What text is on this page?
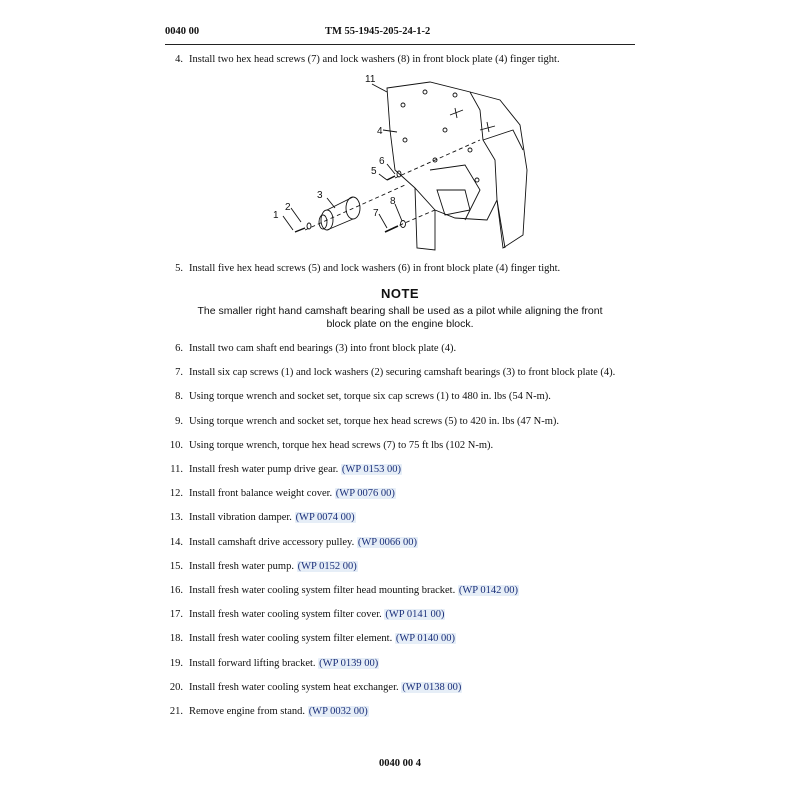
0040 00	TM 55-1945-205-24-1-2
4. Install two hex head screws (7) and lock washers (8) in front block plate (4) finger tight.
11
4
6
5
3
2
1
8
7
5. Install five hex head screws (5) and lock washers (6) in front block plate (4) finger tight.
NOTE
The smaller right hand camshaft bearing shall be used as a pilot while aligning the front
block plate on the engine block.
6. Install two cam shaft end bearings (3) into front block plate (4).
7. Install six cap screws (1) and lock washers (2) securing camshaft bearings (3) to front block plate (4).
8. Using torque wrench and socket set, torque six cap screws (1) to 480 in. lbs (54 N-m).
9. Using torque wrench and socket set, torque hex head screws (5) to 420 in. lbs (47 N-m).
10. Using torque wrench, torque hex head screws (7) to 75 ft lbs (102 N-m).
11. Install fresh water pump drive gear. (WP 0153 00)
12. Install front balance weight cover. (WP 0076 00)
13. Install vibration damper. (WP 0074 00)
14. Install camshaft drive accessory pulley. (WP 0066 00)
15. Install fresh water pump. (WP 0152 00)
16. Install fresh water cooling system filter head mounting bracket. (WP 0142 00)
17. Install fresh water cooling system filter cover. (WP 0141 00)
18. Install fresh water cooling system filter element. (WP 0140 00)
19. Install forward lifting bracket. (WP 0139 00)
20. Install fresh water cooling system heat exchanger. (WP 0138 00)
21. Remove engine from stand. (WP 0032 00)
0040 00 4
